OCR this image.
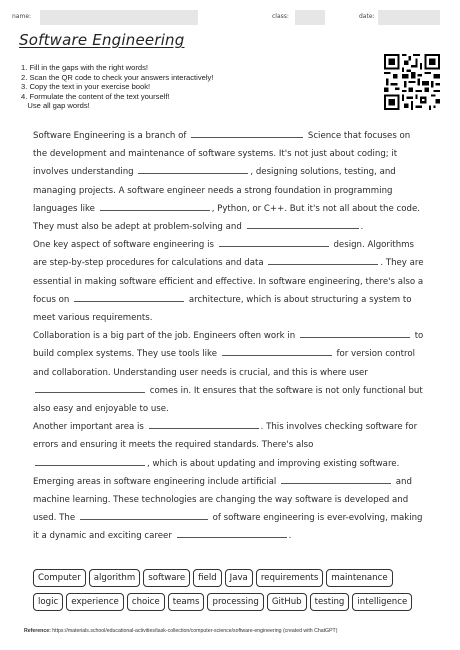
name:	class:	date:
Software Engineering
1. Fill in the gaps with the right words!
2. Scan the QR code to check your answers interactively!
3. Copy the text in your exercise book!
4. Formulate the content of the text yourself!
Use all gap words!

Software Engineering is a branch of	Science that focuses on the development and maintenance of software systems. It's not just about coding; it involves understanding	, designing solutions, testing, and managing projects. A software engineer needs a strong foundation in programming languages like	, Python, or C++. But it's not all about the code. They must also be adept at problem-solving and	.

One key aspect of software engineering is	design. Algorithms are step-by-step procedures for calculations and data	. They are essential in making software efficient and effective. In software engineering, there's also a focus on	architecture, which is about structuring a system to meet various requirements.

Collaboration is a big part of the job. Engineers often work in	to build complex systems. They use tools like	for version control and collaboration. Understanding user needs is crucial, and this is where user  comes in. It ensures that the software is not only functional but also easy and enjoyable to use.

Another important area is	. This involves checking software for errors and ensuring it meets the required standards. There's also , which is about updating and improving existing software.

Emerging areas in software engineering include artificial	and machine learning. These technologies are changing the way software is developed and used. The	of software engineering is ever-evolving, making it a dynamic and exciting career	.

Computer	algorithm	software	field	Java	requirements	maintenance
logic	experience	choice	teams	processing	GitHub	testing	intelligence
Reference: https://materials.school/educational-activities/task-collection/computer-science/software-engineering (created with ChatGPT)
